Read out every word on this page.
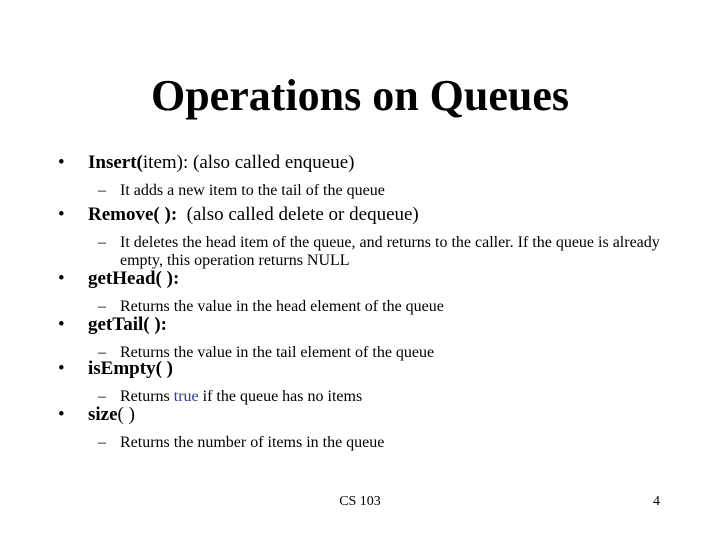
Operations on Queues
• Insert(item): (also called enqueue)
– It adds a new item to the tail of the queue
• Remove( ):  (also called delete or dequeue)
– It deletes the head item of the queue, and returns to the caller. If the queue is already empty, this operation returns NULL
• getHead( ):
– Returns the value in the head element of the queue
• getTail( ):
– Returns the value in the tail element of the queue
• isEmpty( )
– Returns true if the queue has no items
• size( )
– Returns the number of items in the queue
CS 103	4
